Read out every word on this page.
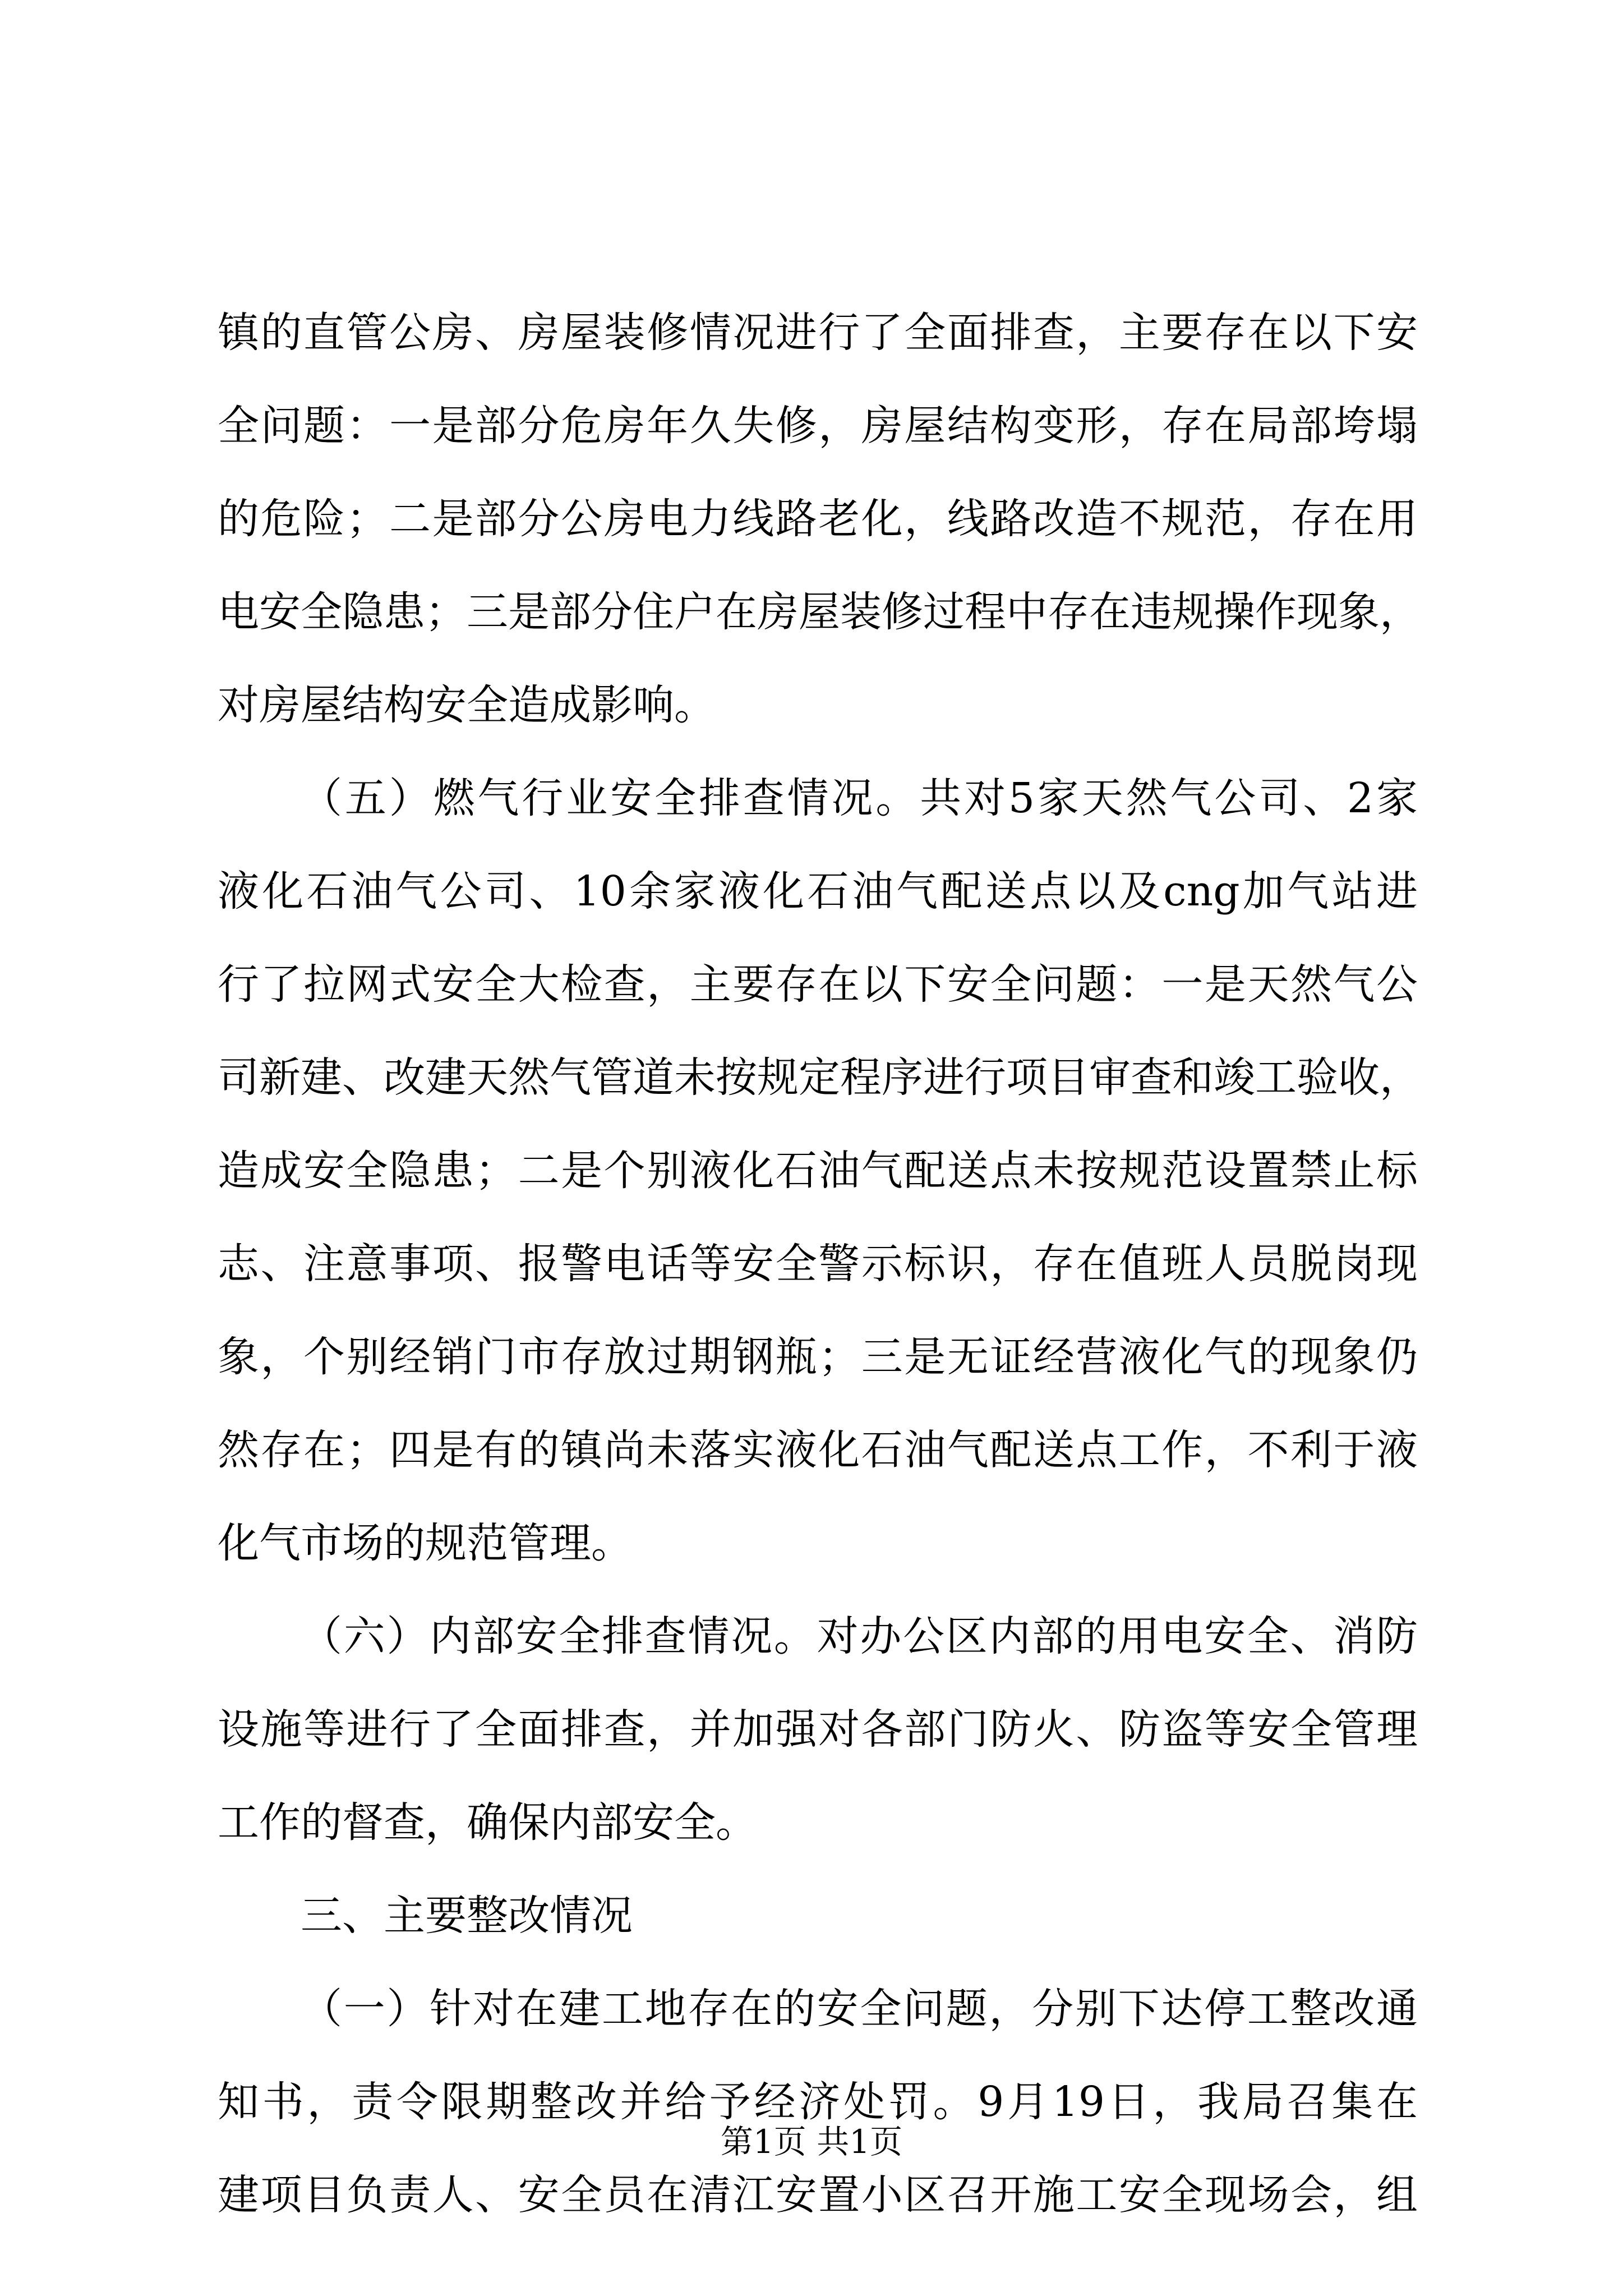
镇的直管公房、房屋装修情况进行了全面排查，主要存在以下安
全问题：一是部分危房年久失修，房屋结构变形，存在局部垮塌
的危险；二是部分公房电力线路老化，线路改造不规范，存在用
电安全隐患；三是部分住户在房屋装修过程中存在违规操作现象，
对房屋结构安全造成影响。
（五）燃气行业安全排查情况。共对5家天然气公司、2家
液化石油气公司、10余家液化石油气配送点以及cng加气站进
行了拉网式安全大检查，主要存在以下安全问题：一是天然气公
司新建、改建天然气管道未按规定程序进行项目审查和竣工验收，
造成安全隐患；二是个别液化石油气配送点未按规范设置禁止标
志、注意事项、报警电话等安全警示标识，存在值班人员脱岗现
象，个别经销门市存放过期钢瓶；三是无证经营液化气的现象仍
然存在；四是有的镇尚未落实液化石油气配送点工作，不利于液
化气市场的规范管理。
（六）内部安全排查情况。对办公区内部的用电安全、消防
设施等进行了全面排查，并加强对各部门防火、防盗等安全管理
工作的督查，确保内部安全。
三、主要整改情况
（一）针对在建工地存在的安全问题，分别下达停工整改通
知书，责令限期整改并给予经济处罚。9月19日，我局召集在
建项目负责人、安全员在清江安置小区召开施工安全现场会，组
第1页 共1页
